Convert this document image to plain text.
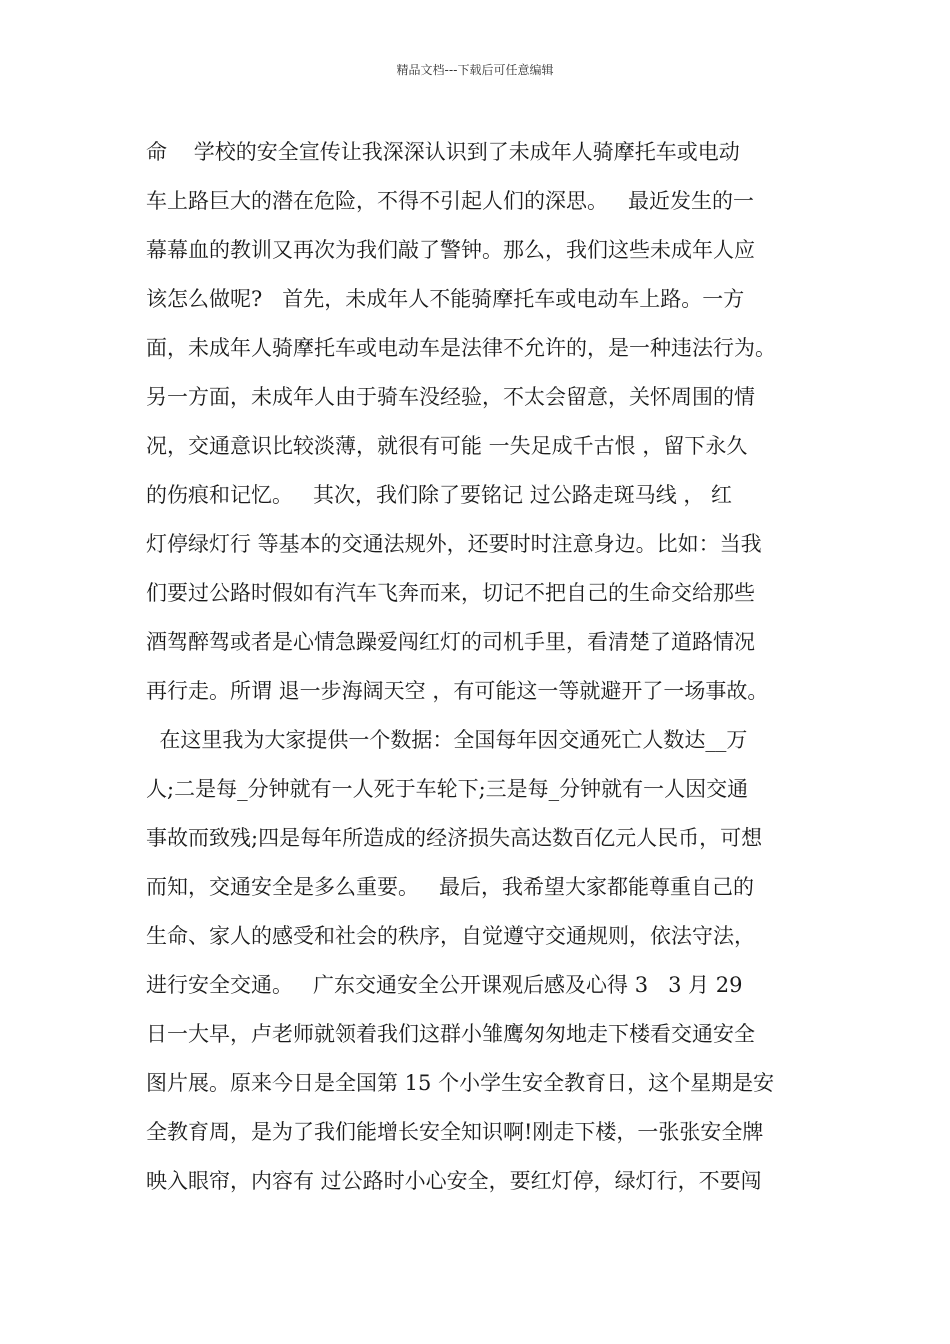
精品文档---下载后可任意编辑
命    学校的安全宣传让我深深认识到了未成年人骑摩托车或电动
车上路巨大的潜在危险，不得不引起人们的深思。   最近发生的一
幕幕血的教训又再次为我们敲了警钟。那么，我们这些未成年人应
该怎么做呢?   首先，未成年人不能骑摩托车或电动车上路。一方
面，未成年人骑摩托车或电动车是法律不允许的，是一种违法行为。
另一方面，未成年人由于骑车没经验，不太会留意，关怀周围的情
况，交通意识比较淡薄，就很有可能 一失足成千古恨 ，留下永久
的伤痕和记忆。   其次，我们除了要铭记 过公路走斑马线 ， 红
灯停绿灯行 等基本的交通法规外，还要时时注意身边。比如：当我
们要过公路时假如有汽车飞奔而来，切记不把自己的生命交给那些
酒驾醉驾或者是心情急躁爱闯红灯的司机手里，看清楚了道路情况
再行走。所谓 退一步海阔天空 ，有可能这一等就避开了一场事故。
在这里我为大家提供一个数据：全国每年因交通死亡人数达__万
人;二是每_分钟就有一人死于车轮下;三是每_分钟就有一人因交通
事故而致残;四是每年所造成的经济损失高达数百亿元人民币，可想
而知，交通安全是多么重要。   最后，我希望大家都能尊重自己的
生命、家人的感受和社会的秩序，自觉遵守交通规则，依法守法，
进行安全交通。   广东交通安全公开课观后感及心得 3   3 月 29
日一大早，卢老师就领着我们这群小雏鹰匆匆地走下楼看交通安全
图片展。原来今日是全国第 15 个小学生安全教育日，这个星期是安
全教育周，是为了我们能增长安全知识啊!刚走下楼，一张张安全牌
映入眼帘，内容有 过公路时小心安全，要红灯停，绿灯行，不要闯
